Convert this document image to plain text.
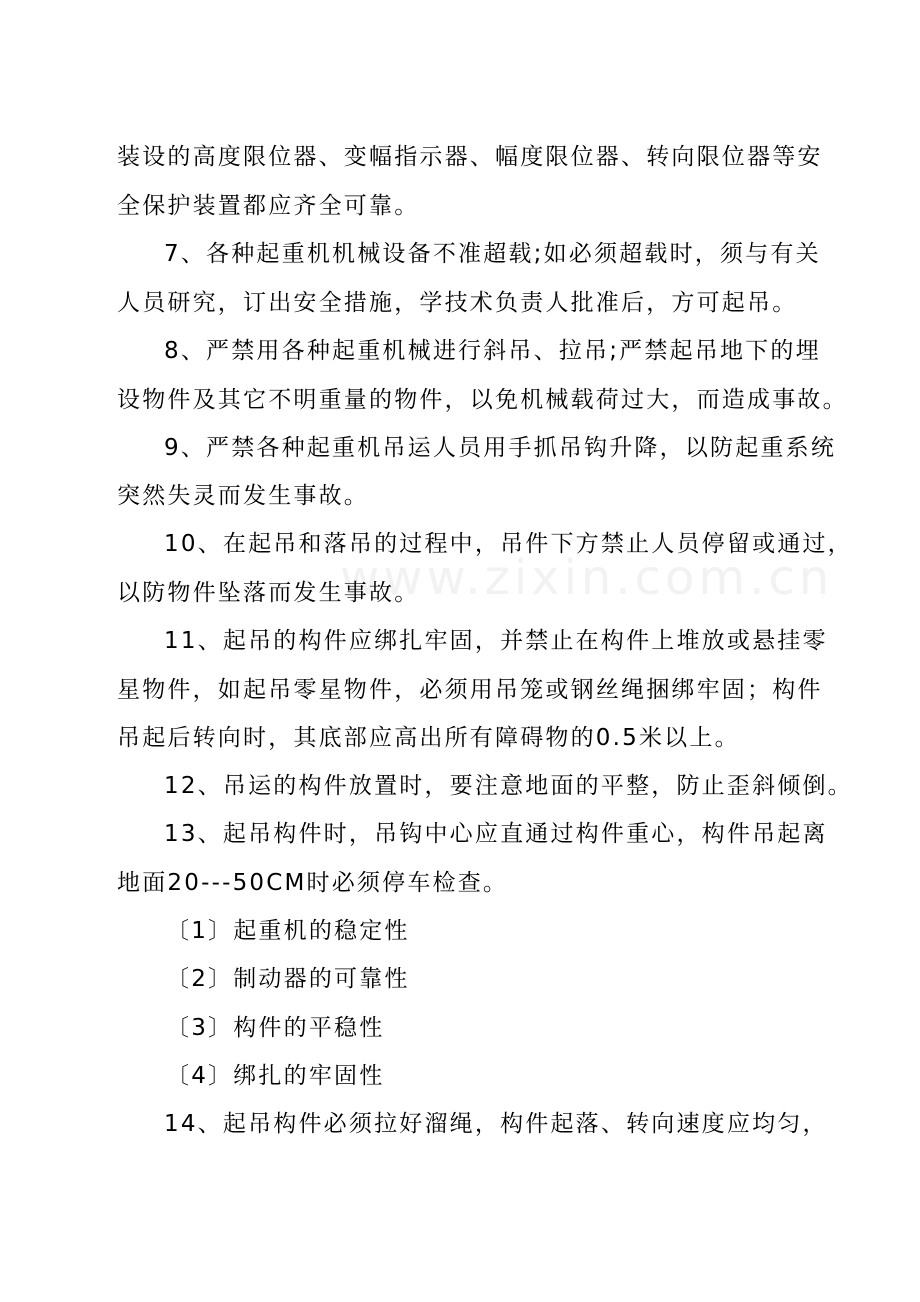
www.zixin.com.cn
装设的高度限位器、变幅指示器、幅度限位器、转向限位器等安
全保护装置都应齐全可靠。
7、各种起重机机械设备不准超载;如必须超载时，须与有关
人员研究，订出安全措施，学技术负责人批准后，方可起吊。
8、严禁用各种起重机械进行斜吊、拉吊;严禁起吊地下的埋
设物件及其它不明重量的物件，以免机械载荷过大，而造成事故。
9、严禁各种起重机吊运人员用手抓吊钩升降，以防起重系统
突然失灵而发生事故。
10、在起吊和落吊的过程中，吊件下方禁止人员停留或通过，
以防物件坠落而发生事故。
11、起吊的构件应绑扎牢固，并禁止在构件上堆放或悬挂零
星物件，如起吊零星物件，必须用吊笼或钢丝绳捆绑牢固；构件
吊起后转向时，其底部应高出所有障碍物的0.5米以上。
12、吊运的构件放置时，要注意地面的平整，防止歪斜倾倒。
13、起吊构件时，吊钩中心应直通过构件重心，构件吊起离
地面20---50CM时必须停车检查。
〔1〕起重机的稳定性
〔2〕制动器的可靠性
〔3〕构件的平稳性
〔4〕绑扎的牢固性
14、起吊构件必须拉好溜绳，构件起落、转向速度应均匀，
